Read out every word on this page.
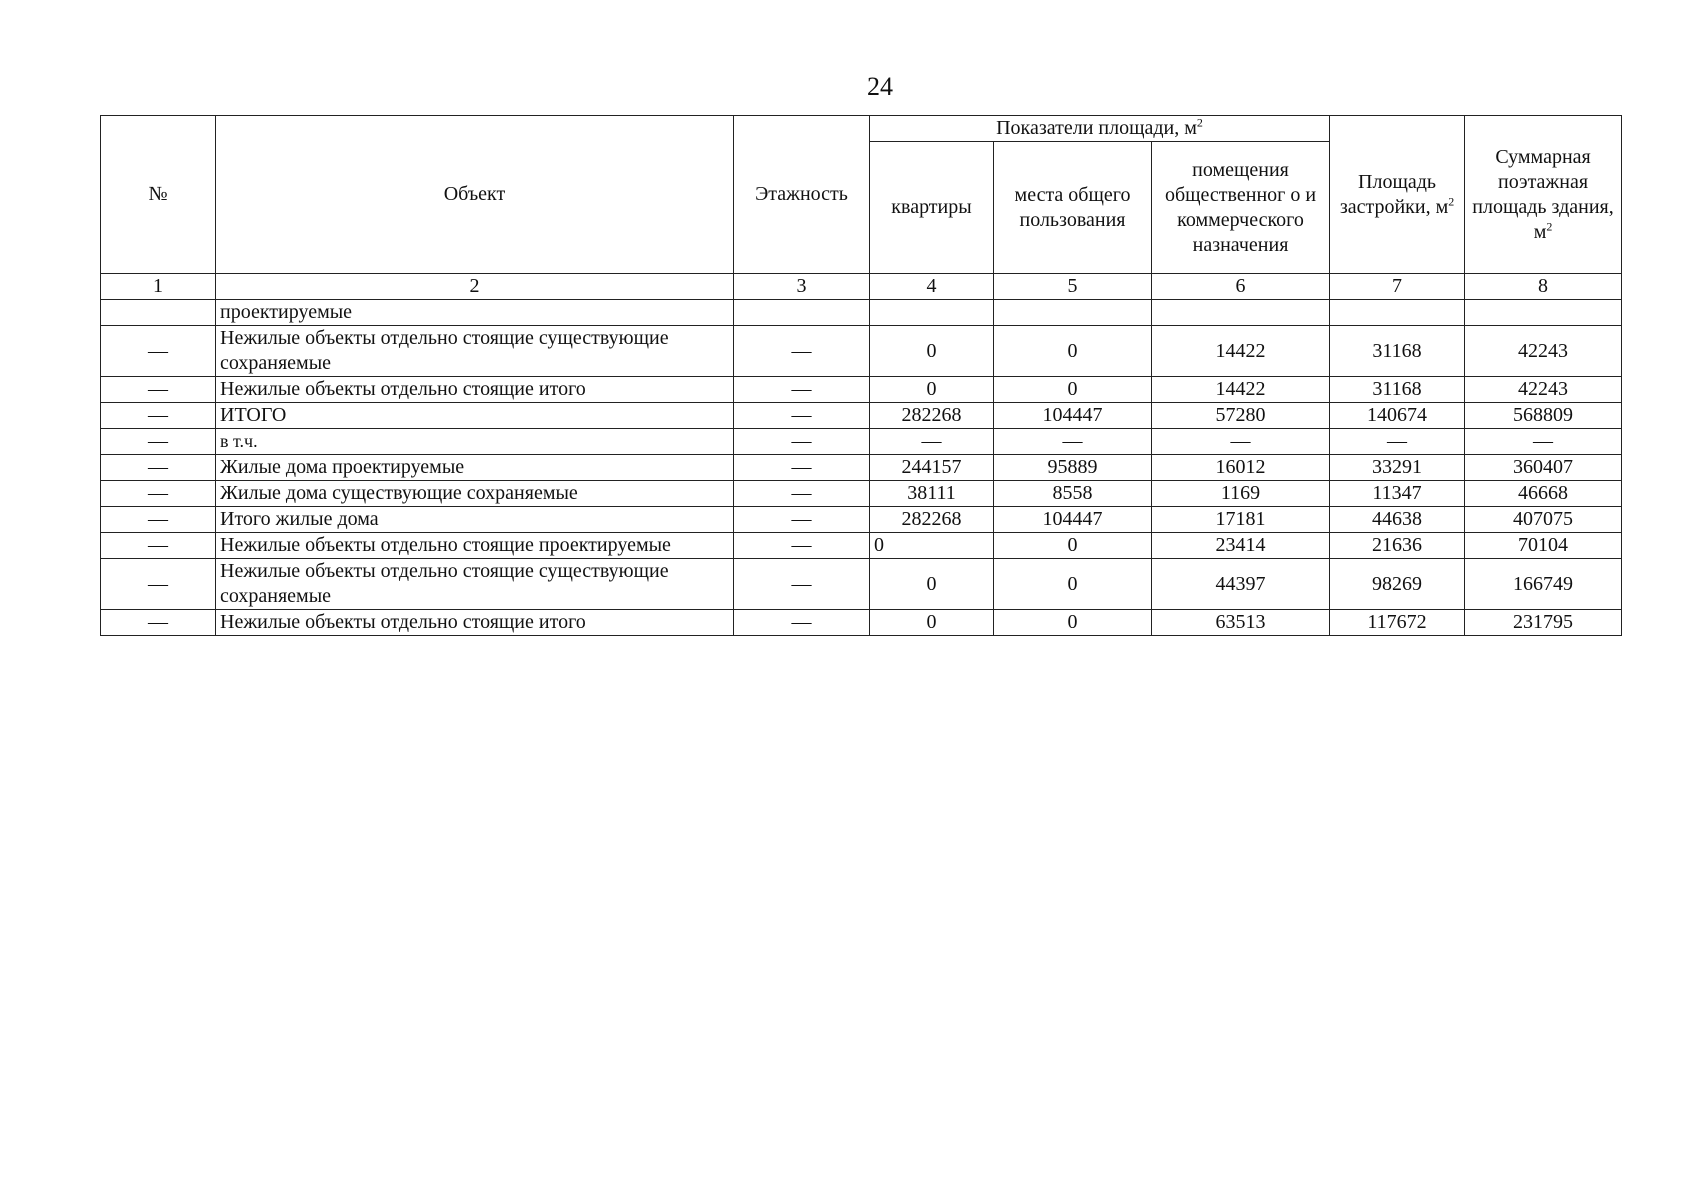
24
№	Объект	Этажность	Показатели площади, $м^2$			Площадь застройки, $м^2$	Суммарная поэтажная площадь здания, $м^2$
			квартиры	места общего пользования	помещения общественног о и коммерческого назначения		
1	2	3	4	5	6	7	8
	проектируемые						
—	Нежилые объекты отдельно стоящие существующие сохраняемые	—	0	0	14422	31168	42243
—	Нежилые объекты отдельно стоящие итого	—	0	0	14422	31168	42243
—	ИТОГО	—	282268	104447	57280	140674	568809
—	в т.ч.	—	—	—	—	—	—
—	Жилые дома проектируемые	—	244157	95889	16012	33291	360407
—	Жилые дома существующие сохраняемые	—	38111	8558	1169	11347	46668
—	Итого жилые дома	—	282268	104447	17181	44638	407075
—	Нежилые объекты отдельно стоящие проектируемые	—	0	0	23414	21636	70104
—	Нежилые объекты отдельно стоящие существующие сохраняемые	—	0	0	44397	98269	166749
—	Нежилые объекты отдельно стоящие итого	—	0	0	63513	117672	231795
